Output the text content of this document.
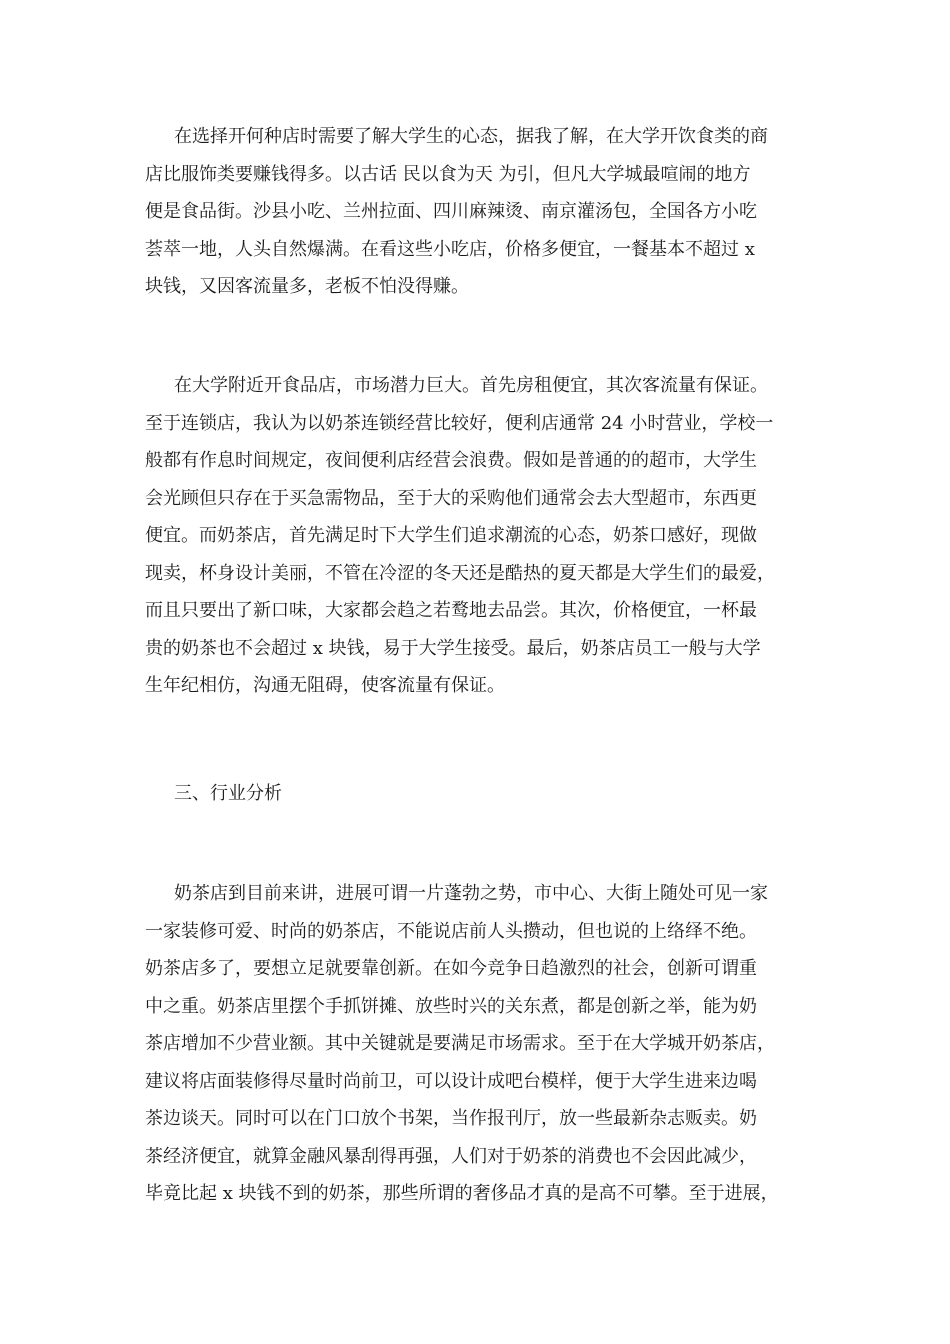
在选择开何种店时需要了解大学生的心态，据我了解，在大学开饮食类的商
店比服饰类要赚钱得多。以古话 民以食为天 为引，但凡大学城最喧闹的地方
便是食品街。沙县小吃、兰州拉面、四川麻辣烫、南京灌汤包，全国各方小吃
荟萃一地，人头自然爆满。在看这些小吃店，价格多便宜，一餐基本不超过 x
块钱，又因客流量多，老板不怕没得赚。
在大学附近开食品店，市场潜力巨大。首先房租便宜，其次客流量有保证。
至于连锁店，我认为以奶茶连锁经营比较好，便利店通常 24 小时营业，学校一
般都有作息时间规定，夜间便利店经营会浪费。假如是普通的的超市，大学生
会光顾但只存在于买急需物品，至于大的采购他们通常会去大型超市，东西更
便宜。而奶茶店，首先满足时下大学生们追求潮流的心态，奶茶口感好，现做
现卖，杯身设计美丽，不管在冷涩的冬天还是酷热的夏天都是大学生们的最爱，
而且只要出了新口味，大家都会趋之若鹜地去品尝。其次，价格便宜，一杯最
贵的奶茶也不会超过 x 块钱，易于大学生接受。最后，奶茶店员工一般与大学
生年纪相仿，沟通无阻碍，使客流量有保证。
三、行业分析
奶茶店到目前来讲，进展可谓一片蓬勃之势，市中心、大街上随处可见一家
一家装修可爱、时尚的奶茶店，不能说店前人头攒动，但也说的上络绎不绝。
奶茶店多了，要想立足就要靠创新。在如今竞争日趋激烈的社会，创新可谓重
中之重。奶茶店里摆个手抓饼摊、放些时兴的关东煮，都是创新之举，能为奶
茶店增加不少营业额。其中关键就是要满足市场需求。至于在大学城开奶茶店，
建议将店面装修得尽量时尚前卫，可以设计成吧台模样，便于大学生进来边喝
茶边谈天。同时可以在门口放个书架，当作报刊厅，放一些最新杂志贩卖。奶
茶经济便宜，就算金融风暴刮得再强，人们对于奶茶的消费也不会因此减少，
毕竟比起 x 块钱不到的奶茶，那些所谓的奢侈品才真的是高不可攀。至于进展，
